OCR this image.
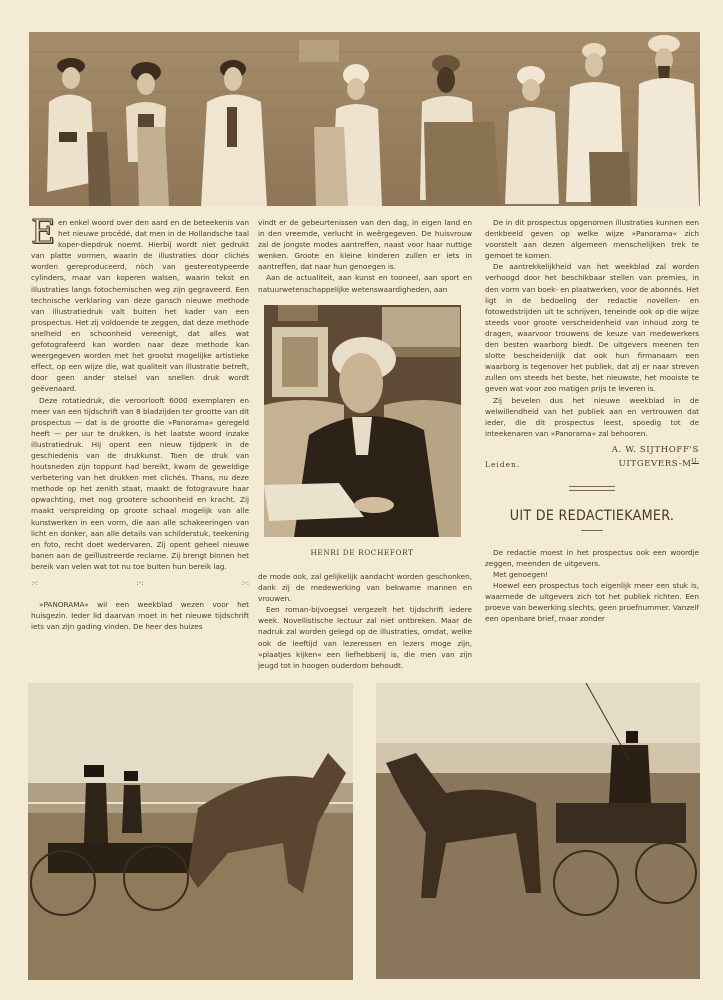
Een enkel woord over den aard en de beteekenis van het nieuwe procédé, dat men in de Hollandsche taal koper-diepdruk noemt. Hierbij wordt niet gedrukt van platte vormen, waarin de illustraties door clichés worden gereproduceerd, nòch van gestereotypeerde cylinders, maar van koperen walsen, waarin tekst en illustraties langs fotochemischen weg zijn gegraveerd. Een technische verklaring van deze gansch nieuwe methode van illustratiedruk valt buiten het kader van een prospectus. Het zij voldoende te zeggen, dat deze methode snelheid en schoonheid vereenigt, dat alles wat gefotografeerd kan worden naar deze methode kan weergegeven worden met het grootst mogelijke artistieke effect, op een wijze die, wat qualiteit van illustratie betreft, door geen ander stelsel van snellen druk wordt geëvenaard.

Deze rotatiedruk, die veroorlooft 6000 exemplaren en meer van een tijdschrift van 8 bladzijden ter grootte van dit prospectus — dat is de grootte die »Panorama« geregeld heeft — per uur te drukken, is het laatste woord inzake illustratiedruk. Hij opent een nieuw tijdperk in de geschiedenis van de drukkunst. Toen de druk van houtsneden zijn toppunt had bereikt, kwam de geweldige verbetering van het drukken met clichés. Thans, nu deze methode op het zenith staat, maakt de fotogravure haar opwachting, met nog grootere schoonheid en kracht. Zij maakt verspreiding op groote schaal mogelijk van alle kunstwerken in een vorm, die aan alle schakeeringen van licht en donker, aan alle details van schilderstuk, teekening en foto, recht doet wedervaren. Zij opent geheel nieuwe banen aan de geïllustreerde reclame. Zij brengt binnen het bereik van velen wat tot nu toe buiten hun bereik lag.

:-:	:-:	:-:

»PANORAMA« wil een weekblad wezen voor het huisgezin. Ieder lid daarvan moet in het nieuwe tijdschrift iets van zijn gading vinden. De heer des huizes

vindt er de gebeurtenissen van den dag, in eigen land en in den vreemde, verlucht in weêrgegeven. De huisvrouw zal de jongste modes aantreffen, naast voor haar nuttige wenken. Groote en kleine kinderen zullen er iets in aantreffen, dat naar hun genoegen is.

Aan de actualiteit, aan kunst en tooneel, aan sport en natuurwetenschappelijke wetenswaardigheden, aan

HENRI DE ROCHEFORT

de mode ook, zal gelijkelijk aandacht worden geschonken, dank zij de medewerking van bekwame mannen en vrouwen.

Een roman-bijvoegsel vergezelt het tijdschrift iedere week. Novellistische lectuur zal niet ontbreken. Maar de nadruk zal worden gelegd op de illustraties, omdat, welke ook de leeftijd van lezeressen en lezers moge zijn, »plaatjes kijken« een liefhebberij is, die men van zijn jeugd tot in hoogen ouderdom behoudt.

De in dit prospectus opgenomen illustraties kunnen een denkbeeld geven op welke wijze »Panorama« zich voorstelt aan dezen algemeen menschelijken trek te gemoet te komen.

De aantrekkelijkheid van het weekblad zal worden verhoogd door het beschikbaar stellen van premies, in den vorm van boek- en plaatwerken, voor de abonnés. Het ligt in de bedoeling der redactie novellen- en fotowedstrijden uit te schrijven, teneinde ook op die wijze steeds voor groote verscheidenheid van inhoud zorg te dragen, waarvoor trouwens de keuze van medewerkers den besten waarborg biedt. De uitgevers meenen ten slotte bescheidenlijk dat ook hun firmanaam een waarborg is tegenover het publiek, dat zij er naar streven zullen om steeds het beste, het nieuwste, het mooiste te geven wat voor zoo matigen prijs te leveren is.

Zij bevelen dus het nieuwe weekblad in de welwillendheid van het publiek aan en vertrouwen dat ieder, die dit prospectus leest, spoedig tot de inteekenaren van »Panorama« zal behooren.

Leiden.
A. W. SIJTHOFF'S
UITGEVERS-$M^{IJ.}$
UIT DE REDACTIEKAMER.

De redactie moest in het prospectus ook een woordje zeggen, meenden de uitgevers.

Met genoegen!

Hoewel een prospectus toch eigenlijk meer een stuk is, waarmede de uitgevers zich tot het publiek richten. Een proeve van bewerking slechts, geen proefnummer. Vanzelf een openbare brief, maar zonder
